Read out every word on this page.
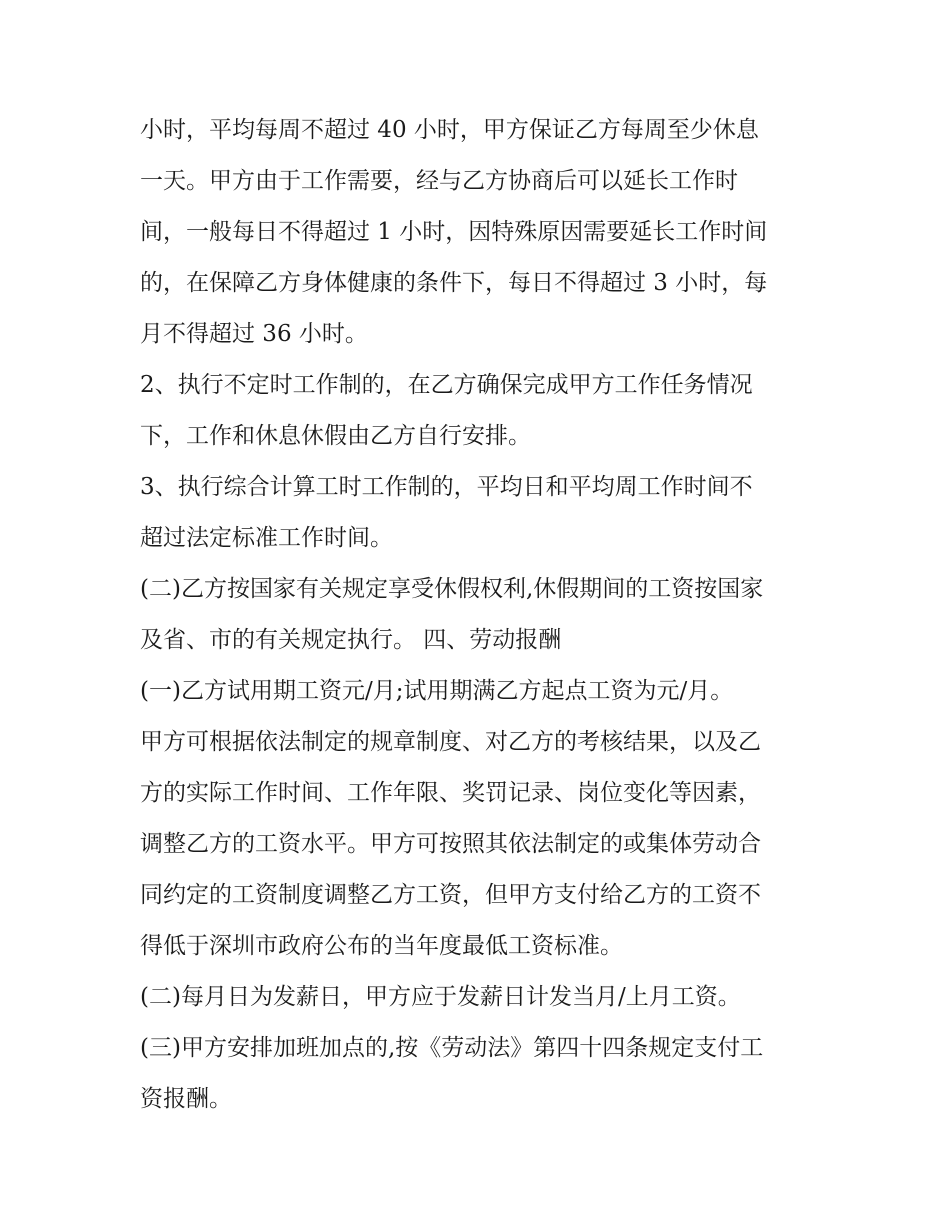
小时，平均每周不超过 40 小时，甲方保证乙方每周至少休息
一天。甲方由于工作需要，经与乙方协商后可以延长工作时
间，一般每日不得超过 1 小时，因特殊原因需要延长工作时间
的，在保障乙方身体健康的条件下，每日不得超过 3 小时，每
月不得超过 36 小时。
2、执行不定时工作制的，在乙方确保完成甲方工作任务情况
下，工作和休息休假由乙方自行安排。
3、执行综合计算工时工作制的，平均日和平均周工作时间不
超过法定标准工作时间。
(二)乙方按国家有关规定享受休假权利,休假期间的工资按国家
及省、市的有关规定执行。 四、劳动报酬
(一)乙方试用期工资元/月;试用期满乙方起点工资为元/月。
甲方可根据依法制定的规章制度、对乙方的考核结果，以及乙
方的实际工作时间、工作年限、奖罚记录、岗位变化等因素，
调整乙方的工资水平。甲方可按照其依法制定的或集体劳动合
同约定的工资制度调整乙方工资，但甲方支付给乙方的工资不
得低于深圳市政府公布的当年度最低工资标准。
(二)每月日为发薪日，甲方应于发薪日计发当月/上月工资。
(三)甲方安排加班加点的,按《劳动法》第四十四条规定支付工
资报酬。
